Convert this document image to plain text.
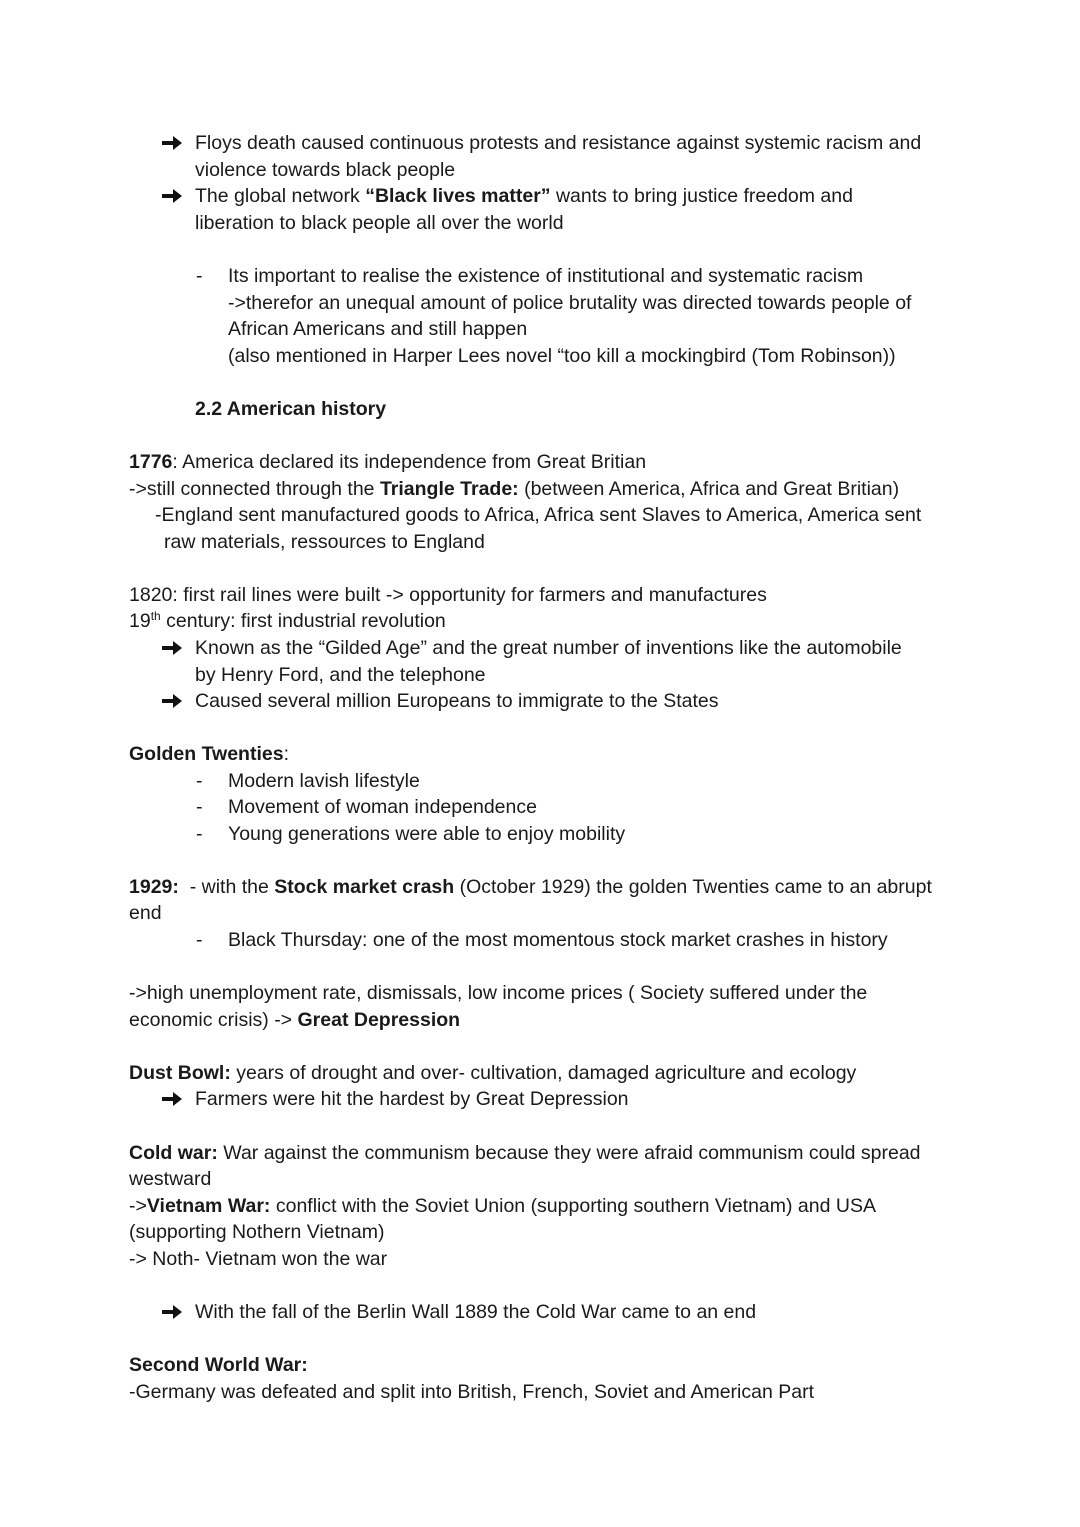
Floys death caused continuous protests and resistance against systemic racism and
violence towards black people
The global network “Black lives matter” wants to bring justice freedom and
liberation to black people all over the world
- Its important to realise the existence of institutional and systematic racism
->therefor an unequal amount of police brutality was directed towards people of
African Americans and still happen
(also mentioned in Harper Lees novel “too kill a mockingbird (Tom Robinson))
2.2 American history
1776: America declared its independence from Great Britian
->still connected through the Triangle Trade: (between America, Africa and Great Britian)
-England sent manufactured goods to Africa, Africa sent Slaves to America, America sent
raw materials, ressources to England
1820: first rail lines were built -> opportunity for farmers and manufactures
19th century: first industrial revolution
Known as the “Gilded Age” and the great number of inventions like the automobile
by Henry Ford, and the telephone
Caused several million Europeans to immigrate to the States
Golden Twenties:
- Modern lavish lifestyle
- Movement of woman independence
- Young generations were able to enjoy mobility
1929:  - with the Stock market crash (October 1929) the golden Twenties came to an abrupt
end
- Black Thursday: one of the most momentous stock market crashes in history
->high unemployment rate, dismissals, low income prices ( Society suffered under the
economic crisis) -> Great Depression
Dust Bowl: years of drought and over- cultivation, damaged agriculture and ecology
Farmers were hit the hardest by Great Depression
Cold war: War against the communism because they were afraid communism could spread
westward
->Vietnam War: conflict with the Soviet Union (supporting southern Vietnam) and USA
(supporting Nothern Vietnam)
-> Noth- Vietnam won the war
With the fall of the Berlin Wall 1889 the Cold War came to an end
Second World War:
-Germany was defeated and split into British, French, Soviet and American Part
